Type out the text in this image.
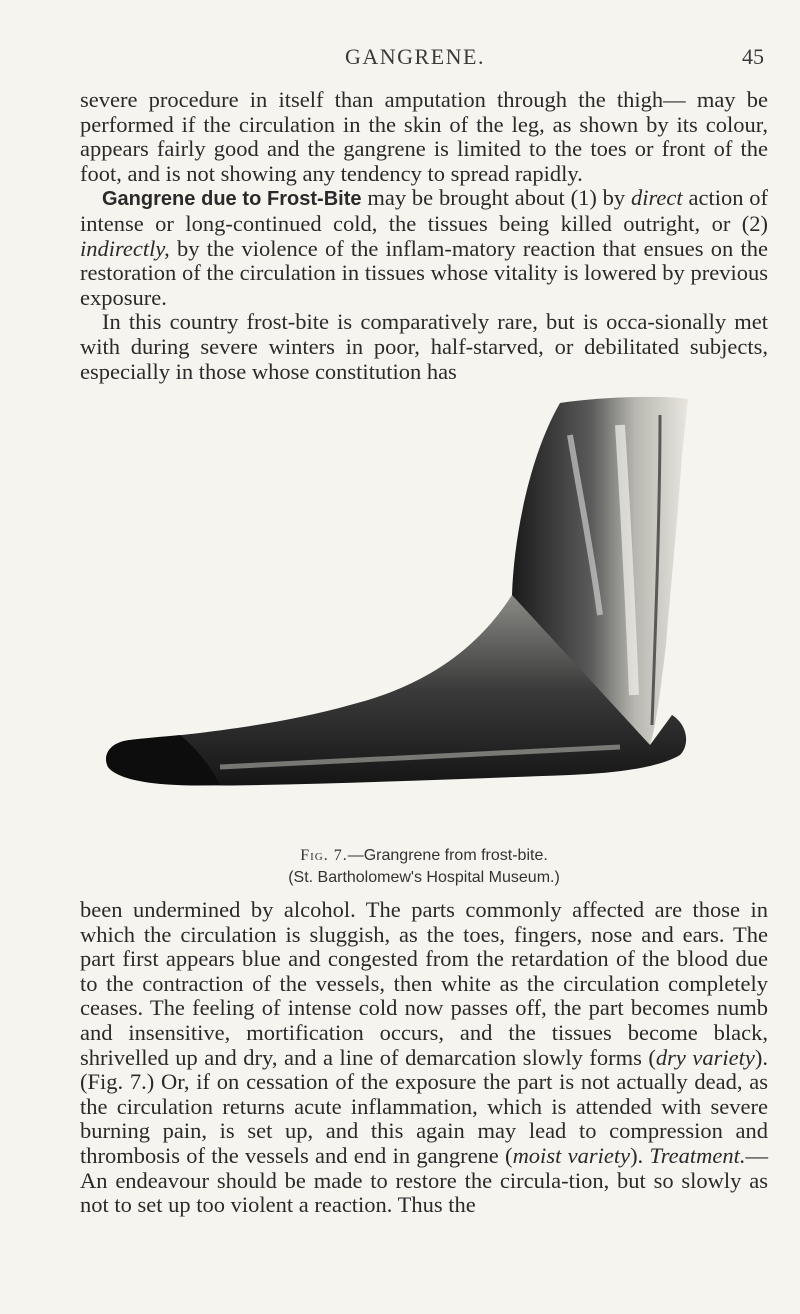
GANGRENE.	45

severe procedure in itself than amputation through the thigh— may be performed if the circulation in the skin of the leg, as shown by its colour, appears fairly good and the gangrene is limited to the toes or front of the foot, and is not showing any tendency to spread rapidly.

Gangrene due to Frost-Bite may be brought about (1) by direct action of intense or long-continued cold, the tissues being killed outright, or (2) indirectly, by the violence of the inflam-matory reaction that ensues on the restoration of the circulation in tissues whose vitality is lowered by previous exposure.

In this country frost-bite is comparatively rare, but is occa-sionally met with during severe winters in poor, half-starved, or debilitated subjects, especially in those whose constitution has

Fig. 7.—Grangrene from frost-bite.
(St. Bartholomew's Hospital Museum.)

been undermined by alcohol. The parts commonly affected are those in which the circulation is sluggish, as the toes, fingers, nose and ears. The part first appears blue and congested from the retardation of the blood due to the contraction of the vessels, then white as the circulation completely ceases. The feeling of intense cold now passes off, the part becomes numb and insensitive, mortification occurs, and the tissues become black, shrivelled up and dry, and a line of demarcation slowly forms (dry variety). (Fig. 7.) Or, if on cessation of the exposure the part is not actually dead, as the circulation returns acute inflammation, which is attended with severe burning pain, is set up, and this again may lead to compression and thrombosis of the vessels and end in gangrene (moist variety). Treatment.—An endeavour should be made to restore the circula-tion, but so slowly as not to set up too violent a reaction. Thus the
